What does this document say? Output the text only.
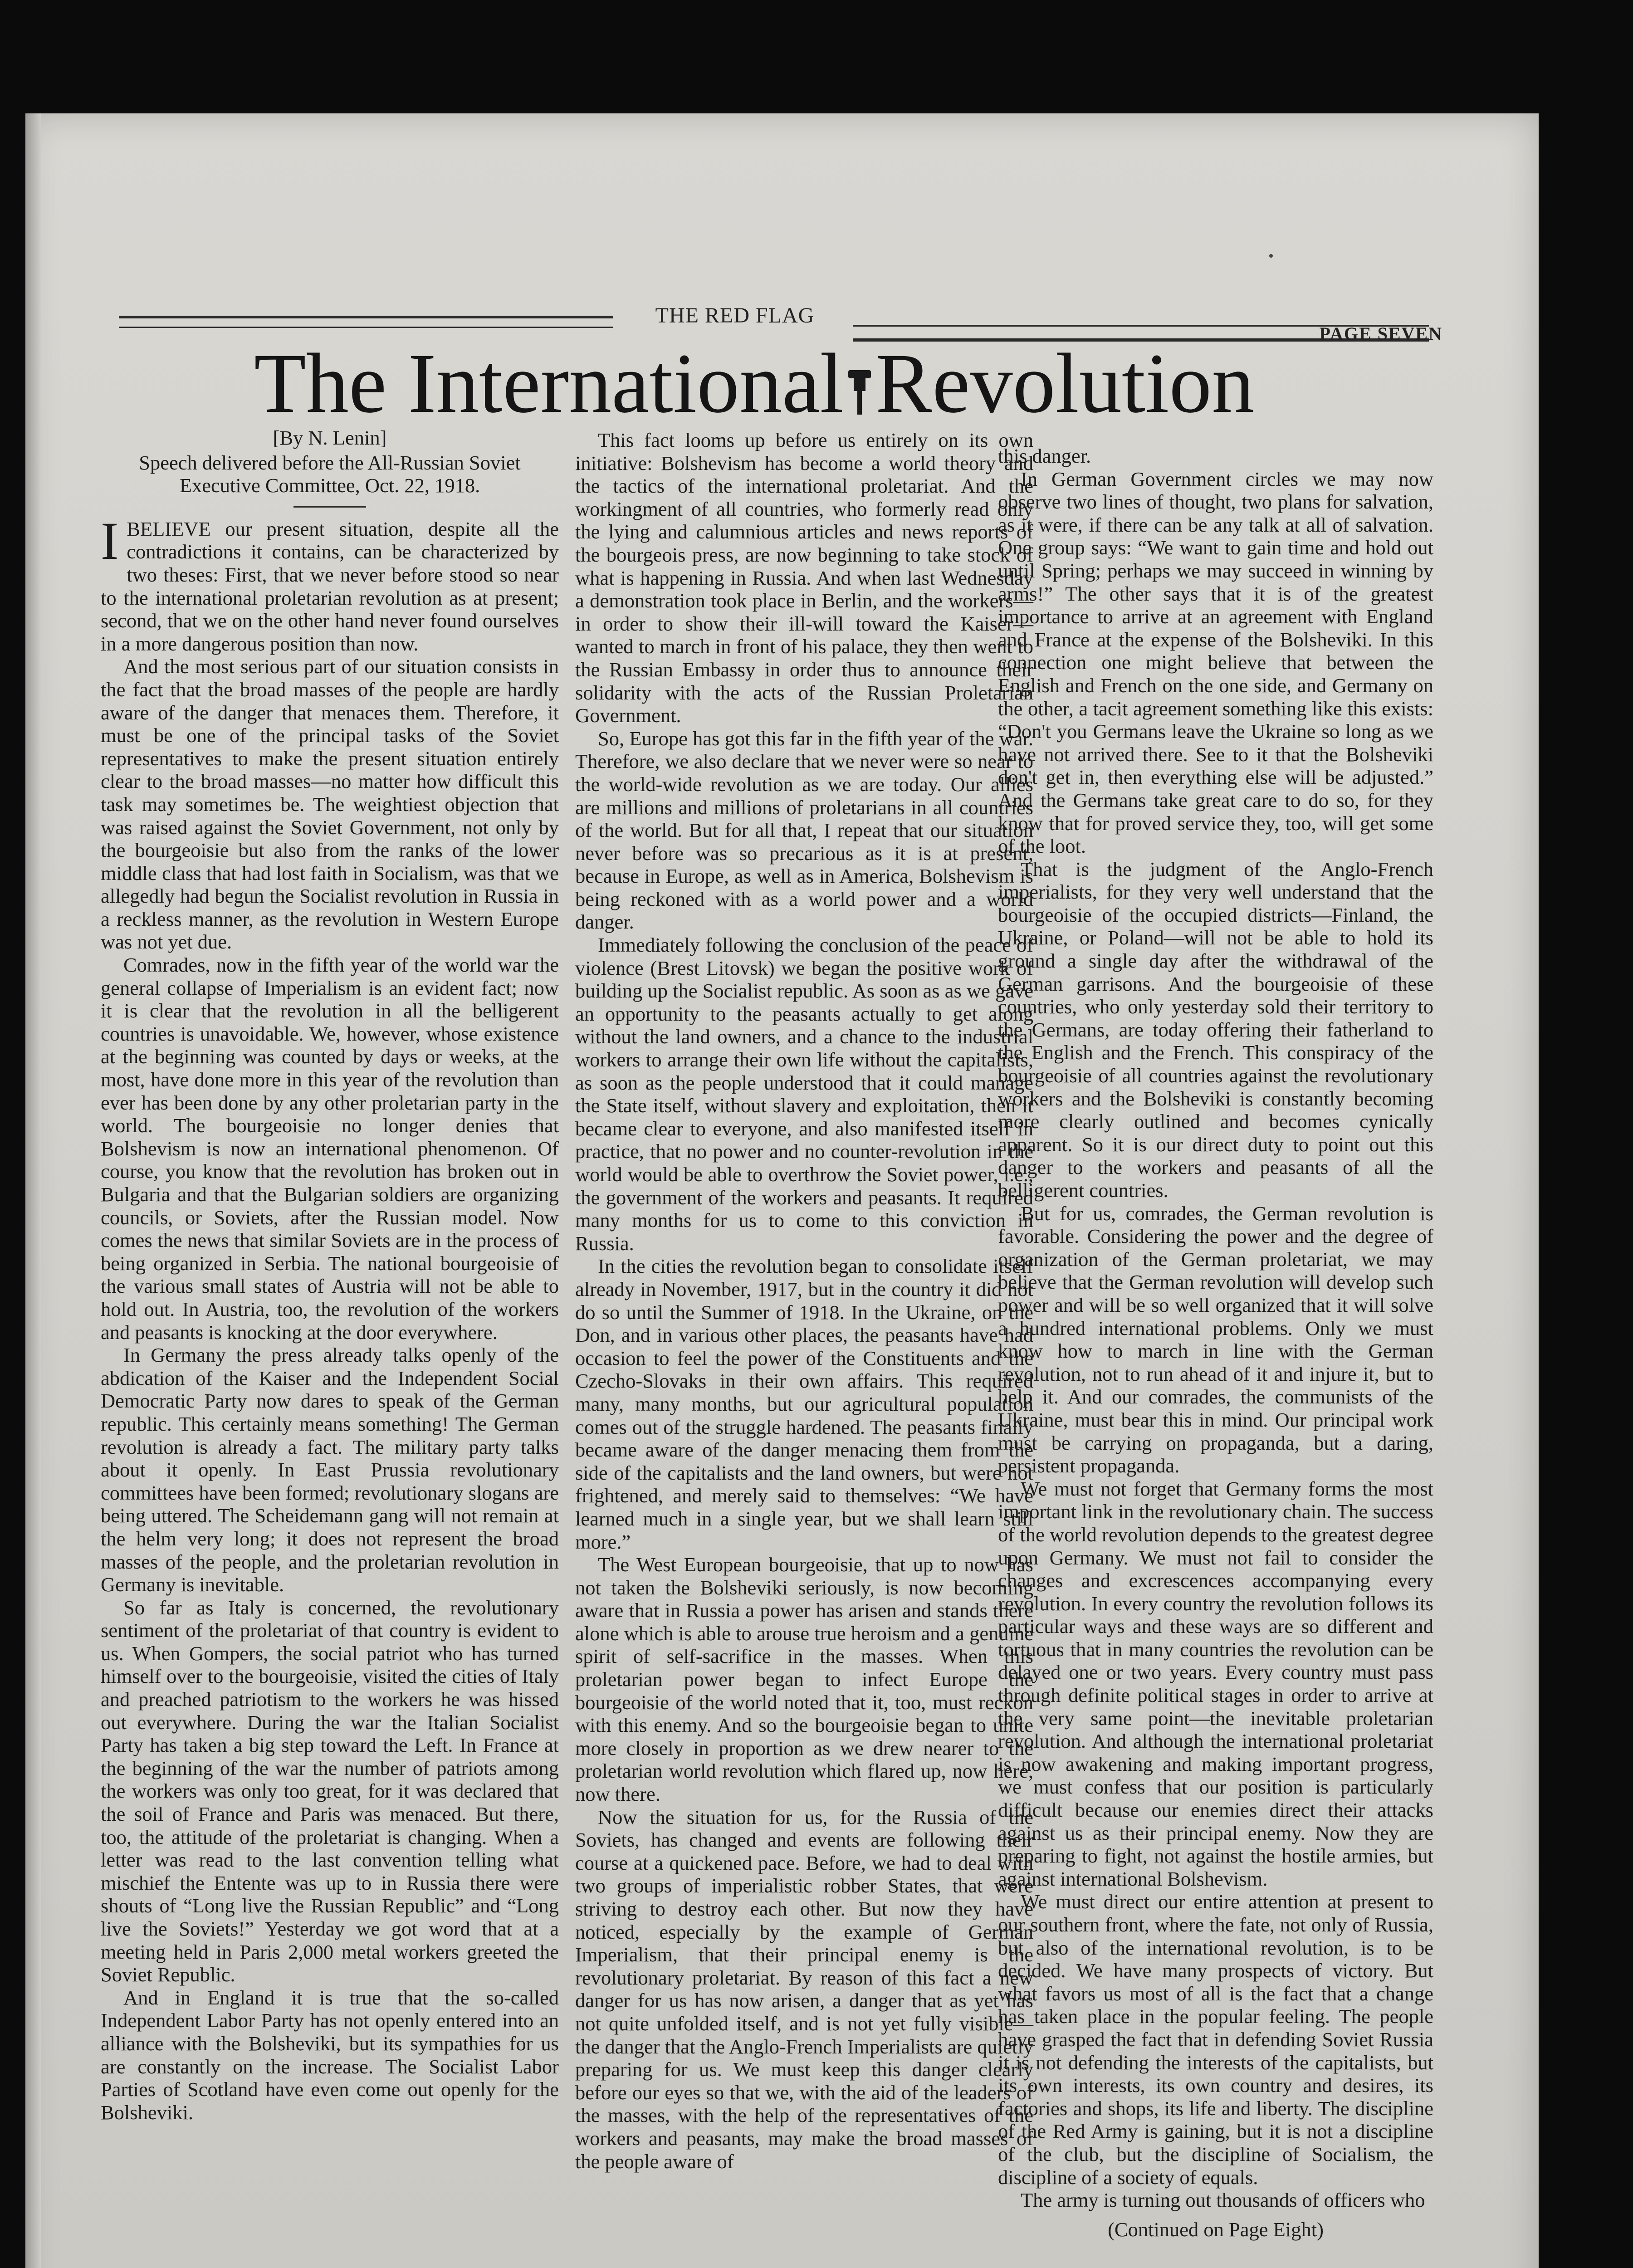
THE RED FLAG
PAGE SEVEN
The International Revolution

[By N. Lenin]

Speech delivered before the All-Russian Soviet Executive Committee, Oct. 22, 1918.

IBELIEVE our present situation, despite all the contradictions it contains, can be characterized by two theses: First, that we never before stood so near to the international proletarian revolution as at present; second, that we on the other hand never found ourselves in a more dangerous position than now.

And the most serious part of our situation consists in the fact that the broad masses of the people are hardly aware of the danger that menaces them. Therefore, it must be one of the principal tasks of the Soviet representatives to make the present situation entirely clear to the broad masses—no matter how difficult this task may sometimes be. The weightiest objection that was raised against the Soviet Government, not only by the bourgeoisie but also from the ranks of the lower middle class that had lost faith in Socialism, was that we allegedly had begun the Socialist revolution in Russia in a reckless manner, as the revolution in Western Europe was not yet due.

Comrades, now in the fifth year of the world war the general collapse of Imperialism is an evident fact; now it is clear that the revolution in all the belligerent countries is unavoidable. We, however, whose existence at the beginning was counted by days or weeks, at the most, have done more in this year of the revolution than ever has been done by any other proletarian party in the world. The bourgeoisie no longer denies that Bolshevism is now an international phenomenon. Of course, you know that the revolution has broken out in Bulgaria and that the Bulgarian soldiers are organizing councils, or Soviets, after the Russian model. Now comes the news that similar Soviets are in the process of being organized in Serbia. The national bourgeoisie of the various small states of Austria will not be able to hold out. In Austria, too, the revolution of the workers and peasants is knocking at the door everywhere.

In Germany the press already talks openly of the abdication of the Kaiser and the Independent Social Democratic Party now dares to speak of the German republic. This certainly means something! The German revolution is already a fact. The military party talks about it openly. In East Prussia revolutionary committees have been formed; revolutionary slogans are being uttered. The Scheidemann gang will not remain at the helm very long; it does not represent the broad masses of the people, and the proletarian revolution in Germany is inevitable.

So far as Italy is concerned, the revolutionary sentiment of the proletariat of that country is evident to us. When Gompers, the social patriot who has turned himself over to the bourgeoisie, visited the cities of Italy and preached patriotism to the workers he was hissed out everywhere. During the war the Italian Socialist Party has taken a big step toward the Left. In France at the beginning of the war the number of patriots among the workers was only too great, for it was declared that the soil of France and Paris was menaced. But there, too, the attitude of the proletariat is changing. When a letter was read to the last convention telling what mischief the Entente was up to in Russia there were shouts of “Long live the Russian Republic” and “Long live the Soviets!” Yesterday we got word that at a meeting held in Paris 2,000 metal workers greeted the Soviet Republic.

And in England it is true that the so-called Independent Labor Party has not openly entered into an alliance with the Bolsheviki, but its sympathies for us are constantly on the increase. The Socialist Labor Parties of Scotland have even come out openly for the Bolsheviki.

This fact looms up before us entirely on its own initiative: Bolshevism has become a world theory and the tactics of the international proletariat. And the workingment of all countries, who formerly read only the lying and calumnious articles and news reports of the bourgeois press, are now beginning to take stock of what is happening in Russia. And when last Wednesday a demonstration took place in Berlin, and the workers—in order to show their ill-will toward the Kaiser—wanted to march in front of his palace, they then went to the Russian Embassy in order thus to announce their solidarity with the acts of the Russian Proletarian Government.

So, Europe has got this far in the fifth year of the war. Therefore, we also declare that we never were so near to the world-wide revolution as we are today. Our allies are millions and millions of proletarians in all countries of the world. But for all that, I repeat that our situation never before was so precarious as it is at present, because in Europe, as well as in America, Bolshevism is being reckoned with as a world power and a world danger.

Immediately following the conclusion of the peace of violence (Brest Litovsk) we began the positive work of building up the Socialist republic. As soon as as we gave an opportunity to the peasants actually to get along without the land owners, and a chance to the industrial workers to arrange their own life without the capitalists, as soon as the people understood that it could manage the State itself, without slavery and exploitation, then it became clear to everyone, and also manifested itself in practice, that no power and no counter-revolution in the world would be able to overthrow the Soviet power, i.e., the government of the workers and peasants. It required many months for us to come to this conviction in Russia.

In the cities the revolution began to consolidate itself already in November, 1917, but in the country it did not do so until the Summer of 1918. In the Ukraine, on the Don, and in various other places, the peasants have had occasion to feel the power of the Constituents and the Czecho-Slovaks in their own affairs. This required many, many months, but our agricultural population comes out of the struggle hardened. The peasants finally became aware of the danger menacing them from the side of the capitalists and the land owners, but were not frightened, and merely said to themselves: “We have learned much in a single year, but we shall learn still more.”

The West European bourgeoisie, that up to now has not taken the Bolsheviki seriously, is now becoming aware that in Russia a power has arisen and stands there alone which is able to arouse true heroism and a genuine spirit of self-sacrifice in the masses. When this proletarian power began to infect Europe the bourgeoisie of the world noted that it, too, must reckon with this enemy. And so the bourgeoisie began to unite more closely in proportion as we drew nearer to the proletarian world revolution which flared up, now here, now there.

Now the situation for us, for the Russia of the Soviets, has changed and events are following their course at a quickened pace. Before, we had to deal with two groups of imperialistic robber States, that were striving to destroy each other. But now they have noticed, especially by the example of German Imperialism, that their principal enemy is the revolutionary proletariat. By reason of this fact a new danger for us has now arisen, a danger that as yet has not quite unfolded itself, and is not yet fully visible—the danger that the Anglo-French Imperialists are quietly preparing for us. We must keep this danger clearly before our eyes so that we, with the aid of the leaders of the masses, with the help of the representatives of the workers and peasants, may make the broad masses of the people aware of

this danger.

In German Government circles we may now observe two lines of thought, two plans for salvation, as it were, if there can be any talk at all of salvation. One group says: “We want to gain time and hold out until Spring; perhaps we may succeed in winning by arms!” The other says that it is of the greatest importance to arrive at an agreement with England and France at the expense of the Bolsheviki. In this connection one might believe that between the English and French on the one side, and Germany on the other, a tacit agreement something like this exists: “Don't you Germans leave the Ukraine so long as we have not arrived there. See to it that the Bolsheviki don't get in, then everything else will be adjusted.” And the Germans take great care to do so, for they know that for proved service they, too, will get some of the loot.

That is the judgment of the Anglo-French imperialists, for they very well understand that the bourgeoisie of the occupied districts—Finland, the Ukraine, or Poland—will not be able to hold its ground a single day after the withdrawal of the German garrisons. And the bourgeoisie of these countries, who only yesterday sold their territory to the Germans, are today offering their fatherland to the English and the French. This conspiracy of the bourgeoisie of all countries against the revolutionary workers and the Bolsheviki is constantly becoming more clearly outlined and becomes cynically apparent. So it is our direct duty to point out this danger to the workers and peasants of all the belligerent countries.

But for us, comrades, the German revolution is favorable. Considering the power and the degree of organization of the German proletariat, we may believe that the German revolution will develop such power and will be so well organized that it will solve a hundred international problems. Only we must know how to march in line with the German revolution, not to run ahead of it and injure it, but to help it. And our comrades, the communists of the Ukraine, must bear this in mind. Our principal work must be carrying on propaganda, but a daring, persistent propaganda.

We must not forget that Germany forms the most important link in the revolutionary chain. The success of the world revolution depends to the greatest degree upon Germany. We must not fail to consider the changes and excrescences accompanying every revolution. In every country the revolution follows its particular ways and these ways are so different and tortuous that in many countries the revolution can be delayed one or two years. Every country must pass through definite political stages in order to arrive at the very same point—the inevitable proletarian revolution. And although the international proletariat is now awakening and making important progress, we must confess that our position is particularly difficult because our enemies direct their attacks against us as their principal enemy. Now they are preparing to fight, not against the hostile armies, but against international Bolshevism.

We must direct our entire attention at present to our southern front, where the fate, not only of Russia, but also of the international revolution, is to be decided. We have many prospects of victory. But what favors us most of all is the fact that a change has taken place in the popular feeling. The people have grasped the fact that in defending Soviet Russia it is not defending the interests of the capitalists, but its own interests, its own country and desires, its factories and shops, its life and liberty. The discipline of the Red Army is gaining, but it is not a discipline of the club, but the discipline of Socialism, the discipline of a society of equals.

The army is turning out thousands of officers who

(Continued on Page Eight)
